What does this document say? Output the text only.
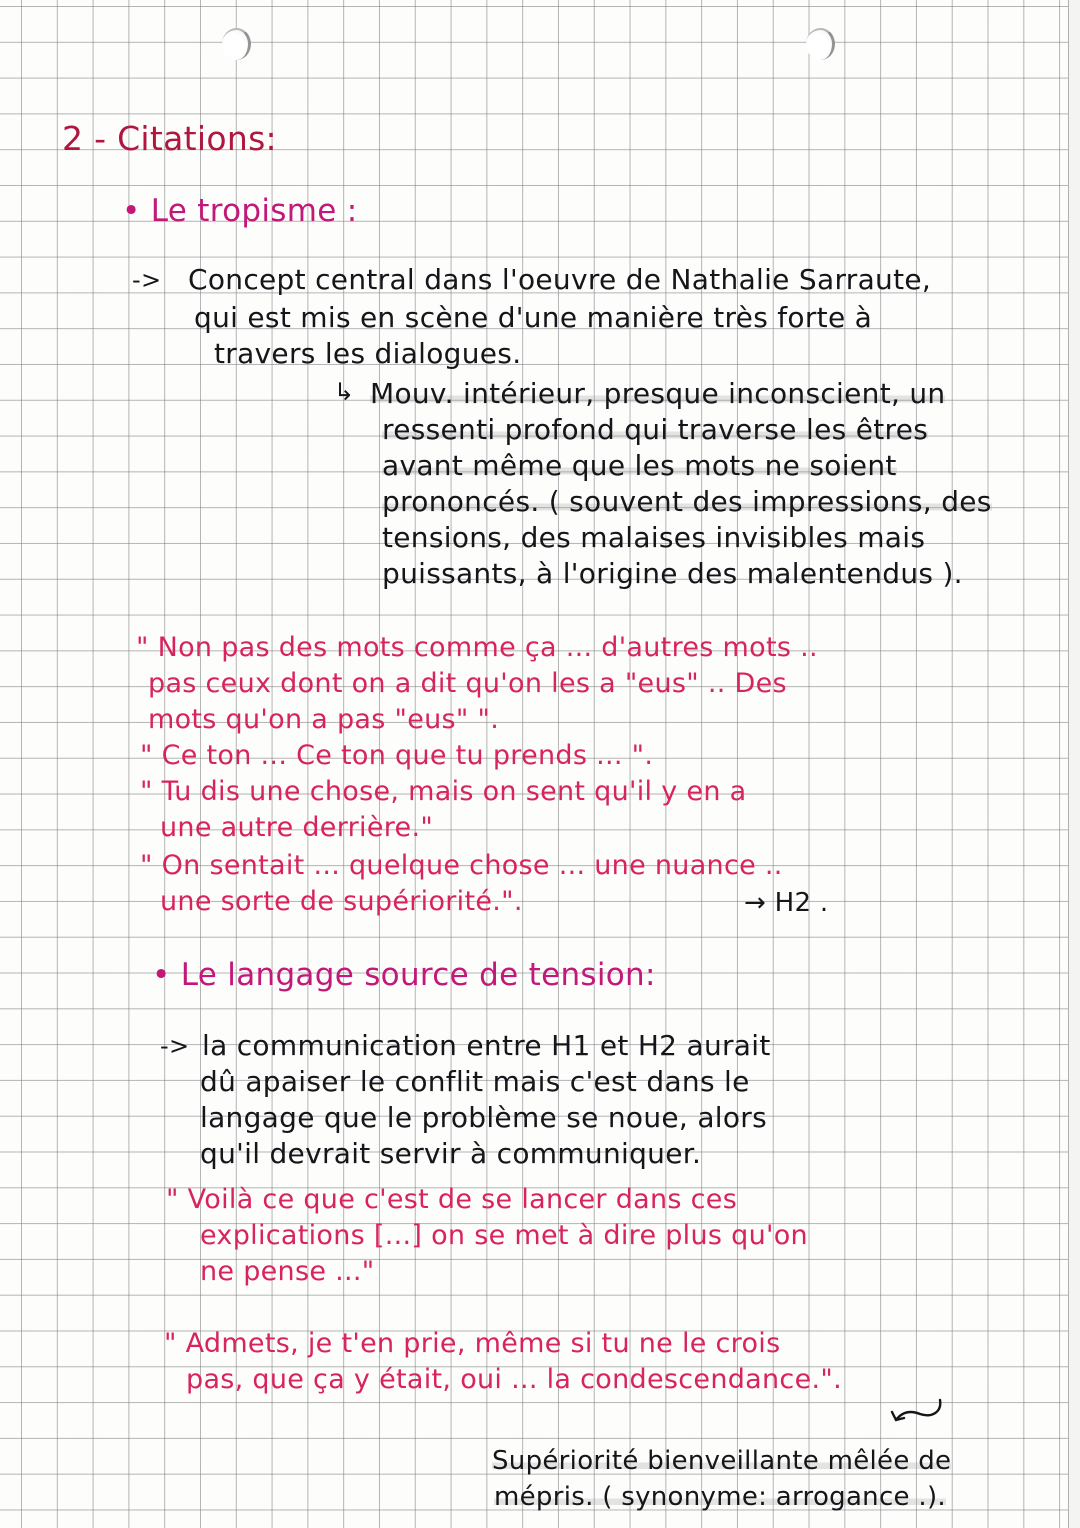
2 - Citations:
• Le tropisme :
-> Concept central dans l'oeuvre de Nathalie Sarraute,
qui est mis en scène d'une manière très forte à
travers les dialogues.
↳ Mouv. intérieur, presque inconscient, un
ressenti profond qui traverse les êtres
avant même que les mots ne soient
prononcés. ( souvent des impressions, des
tensions, des malaises invisibles mais
puissants, à l'origine des malentendus ).
" Non pas des mots comme ça ... d'autres mots ..
pas ceux dont on a dit qu'on les a "eus" .. Des
mots qu'on a pas "eus" ".
" Ce ton ... Ce ton que tu prends ... ".
" Tu dis une chose, mais on sent qu'il y en a
une autre derrière."
" On sentait ... quelque chose ... une nuance ..
une sorte de supériorité.".	→ H2 .
• Le langage source de tension:
-> la communication entre H1 et H2 aurait
dû apaiser le conflit mais c'est dans le
langage que le problème se noue, alors
qu'il devrait servir à communiquer.
" Voilà ce que c'est de se lancer dans ces
explications [...] on se met à dire plus qu'on
ne pense ..."
" Admets, je t'en prie, même si tu ne le crois
pas, que ça y était, oui ... la condescendance.".
Supériorité bienveillante mêlée de
mépris. ( synonyme: arrogance .).
